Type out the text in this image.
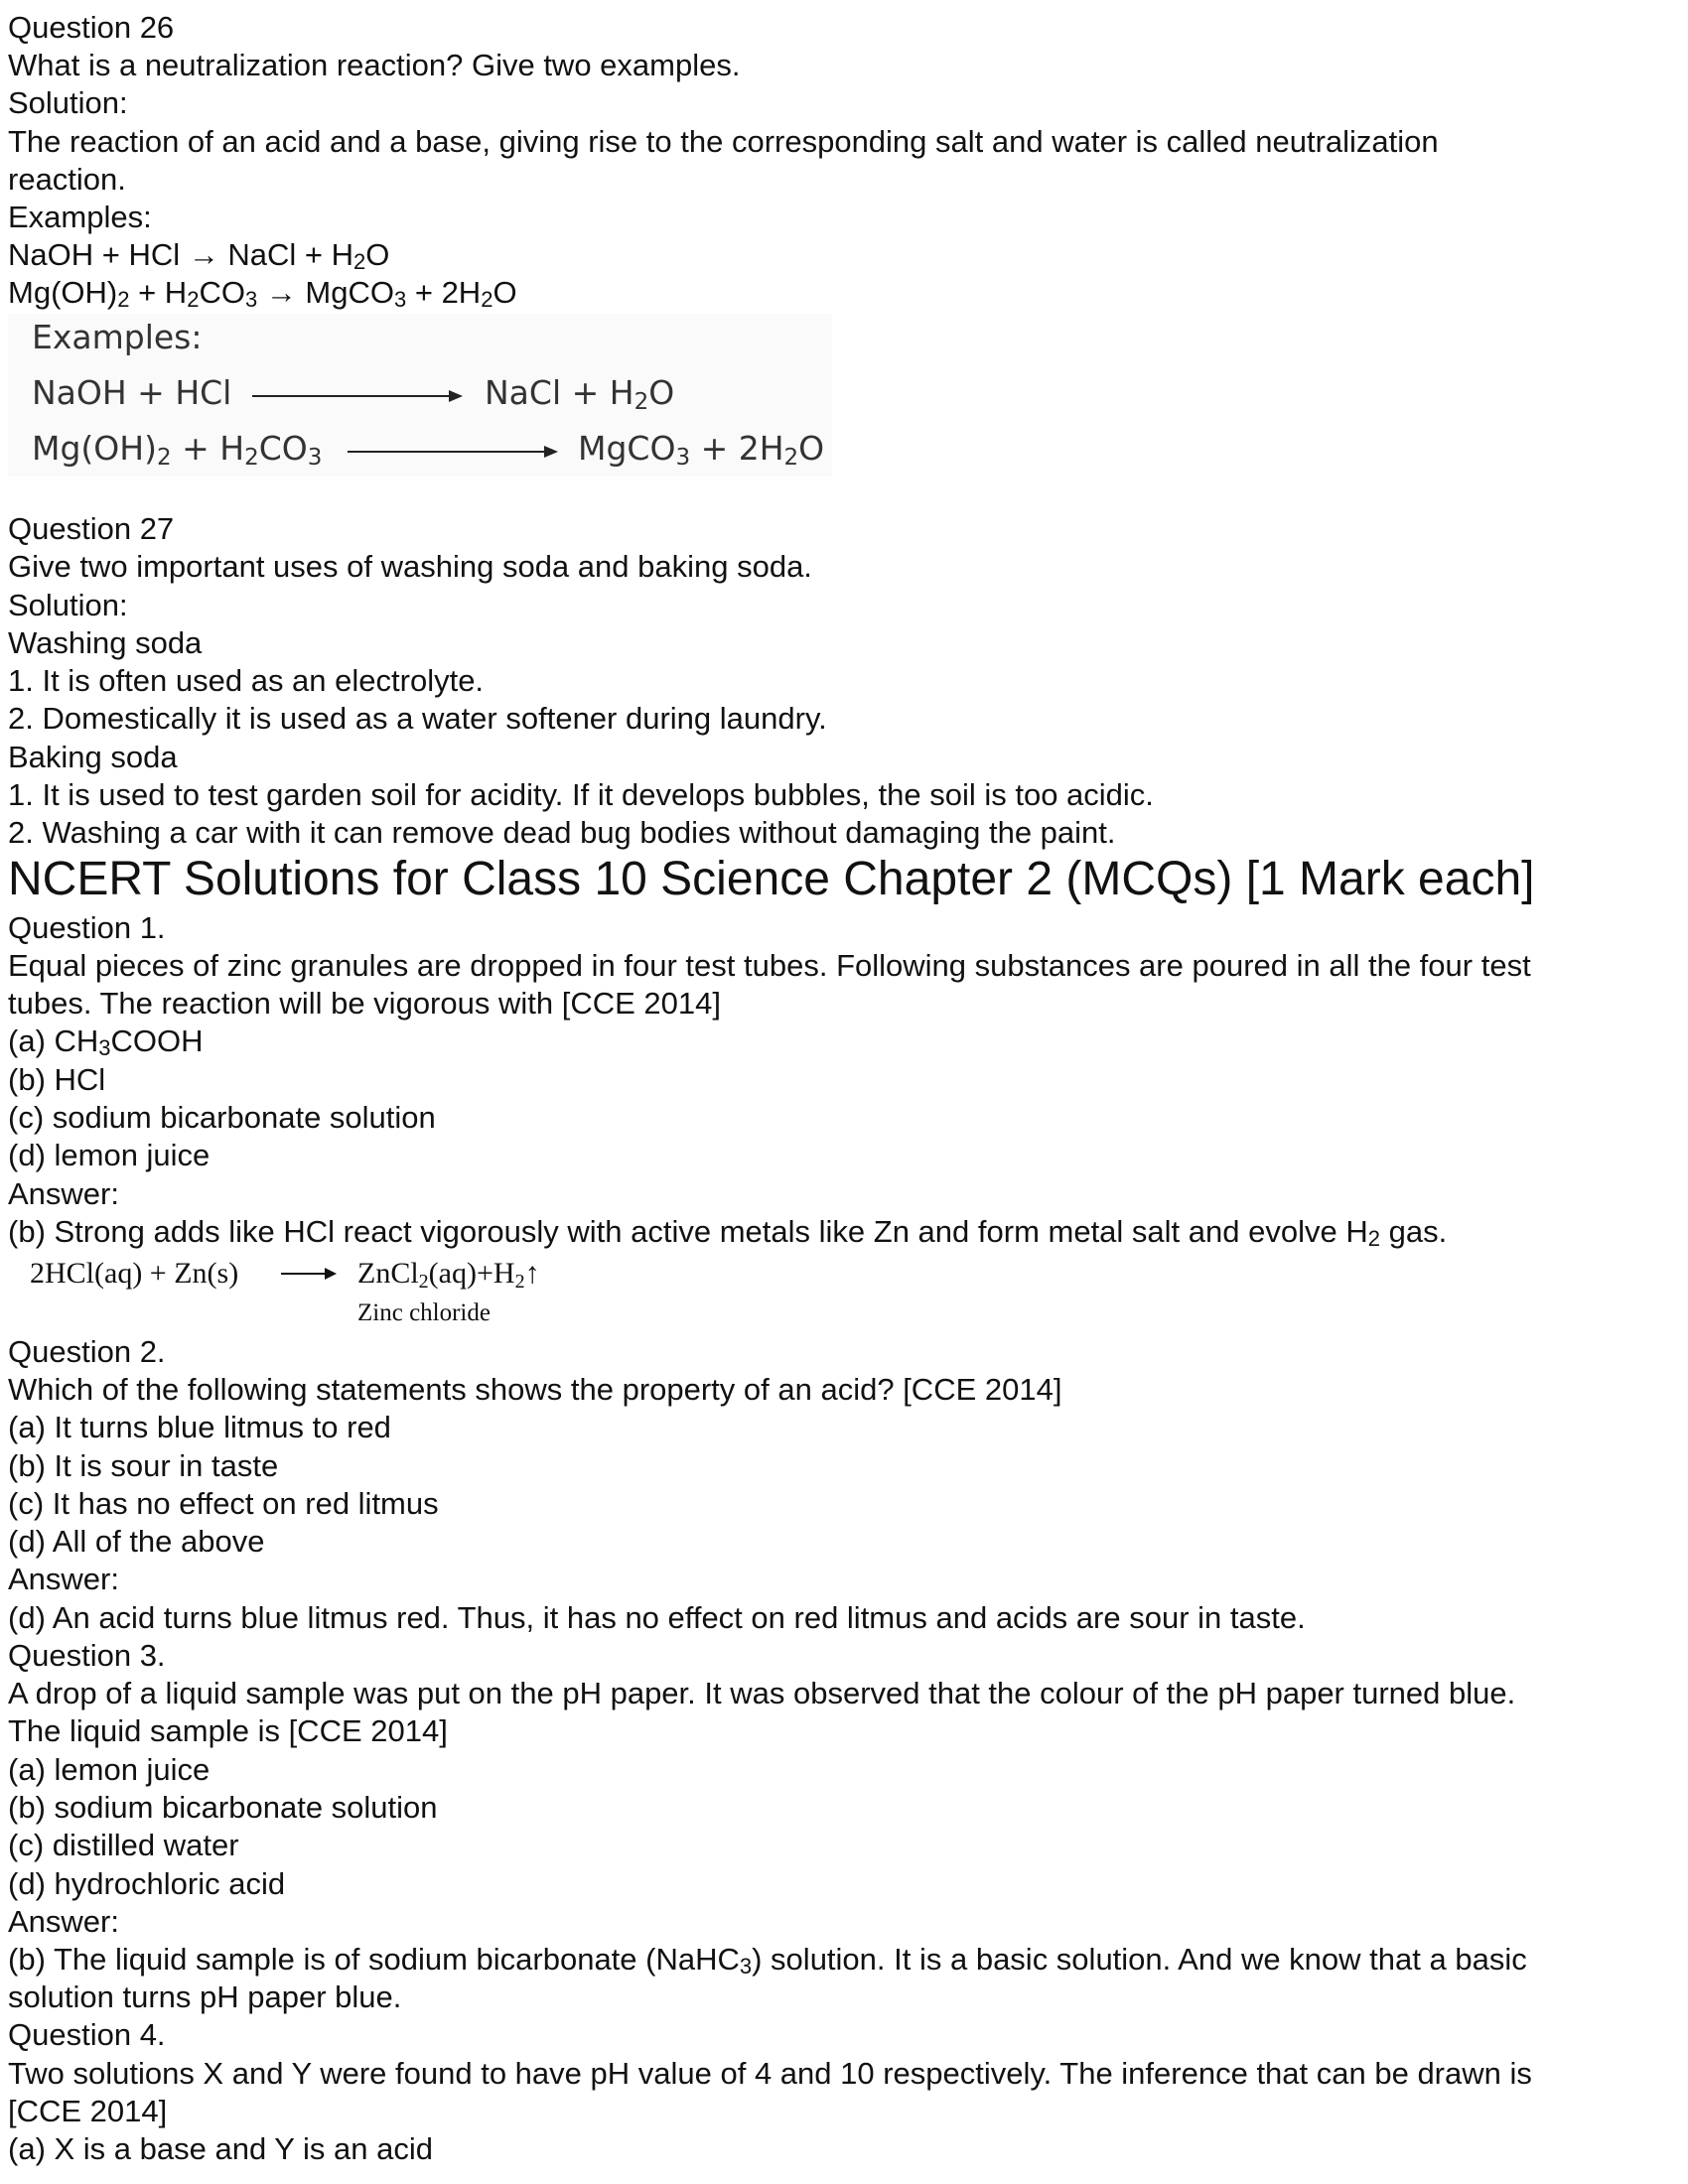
Question 26

What is a neutralization reaction? Give two examples.

Solution:

The reaction of an acid and a base, giving rise to the corresponding salt and water is called neutralization

reaction.

Examples:

NaOH + HCl → NaCl + $H_2O$

$Mg(OH)_2 + H_2CO_3$ → MgCO$_3$ + $2H_2O$

Examples:
NaOH + HCl	NaCl + $H_2O$
$Mg(OH)_2 + H_2CO_3$	MgCO$_3$ + $2H_2O$

Question 27

Give two important uses of washing soda and baking soda.

Solution:

Washing soda

1. It is often used as an electrolyte.

2. Domestically it is used as a water softener during laundry.

Baking soda

1. It is used to test garden soil for acidity. If it develops bubbles, the soil is too acidic.

2. Washing a car with it can remove dead bug bodies without damaging the paint.

NCERT Solutions for Class 10 Science Chapter 2 (MCQs) [1 Mark each]

Question 1.

Equal pieces of zinc granules are dropped in four test tubes. Following substances are poured in all the four test

tubes. The reaction will be vigorous with [CCE 2014]

(a) $CH_3COOH$

(b) HCl

(c) sodium bicarbonate solution

(d) lemon juice

Answer:

(b) Strong adds like HCl react vigorously with active metals like Zn and form metal salt and evolve $H_2$ gas.

2HCl(aq) + Zn(s)	$ZnCl_2(aq)+H_2↑$
Zinc chloride

Question 2.

Which of the following statements shows the property of an acid? [CCE 2014]

(a) It turns blue litmus to red

(b) It is sour in taste

(c) It has no effect on red litmus

(d) All of the above

Answer:

(d) An acid turns blue litmus red. Thus, it has no effect on red litmus and acids are sour in taste.

Question 3.

A drop of a liquid sample was put on the pH paper. It was observed that the colour of the pH paper turned blue.

The liquid sample is [CCE 2014]

(a) lemon juice

(b) sodium bicarbonate solution

(c) distilled water

(d) hydrochloric acid

Answer:

(b) The liquid sample is of sodium bicarbonate (NaHC$_3$) solution. It is a basic solution. And we know that a basic

solution turns pH paper blue.

Question 4.

Two solutions X and Y were found to have pH value of 4 and 10 respectively. The inference that can be drawn is

[CCE 2014]

(a) X is a base and Y is an acid
